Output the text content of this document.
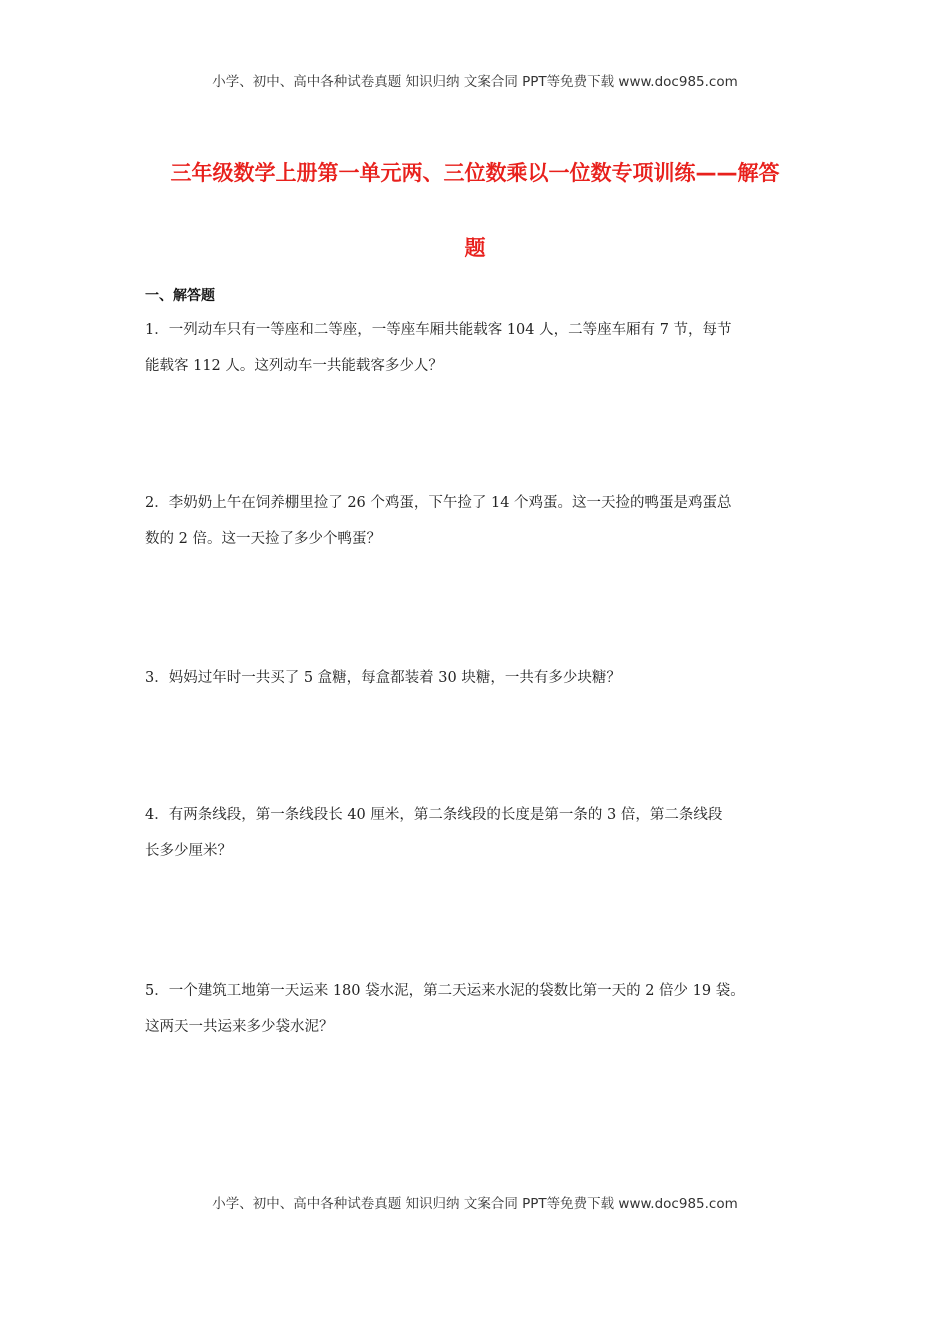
小学、初中、高中各种试卷真题 知识归纳 文案合同 PPT等免费下载 www.doc985.com
三年级数学上册第一单元两、三位数乘以一位数专项训练——解答
题
一、解答题
1．一列动车只有一等座和二等座，一等座车厢共能载客 104 人，二等座车厢有 7 节，每节
能载客 112 人。这列动车一共能载客多少人？
2．李奶奶上午在饲养棚里捡了 26 个鸡蛋，下午捡了 14 个鸡蛋。这一天捡的鸭蛋是鸡蛋总
数的 2 倍。这一天捡了多少个鸭蛋？
3．妈妈过年时一共买了 5 盒糖，每盒都装着 30 块糖，一共有多少块糖？
4．有两条线段，第一条线段长 40 厘米，第二条线段的长度是第一条的 3 倍，第二条线段
长多少厘米？
5．一个建筑工地第一天运来 180 袋水泥，第二天运来水泥的袋数比第一天的 2 倍少 19 袋。
这两天一共运来多少袋水泥？
小学、初中、高中各种试卷真题 知识归纳 文案合同 PPT等免费下载 www.doc985.com
